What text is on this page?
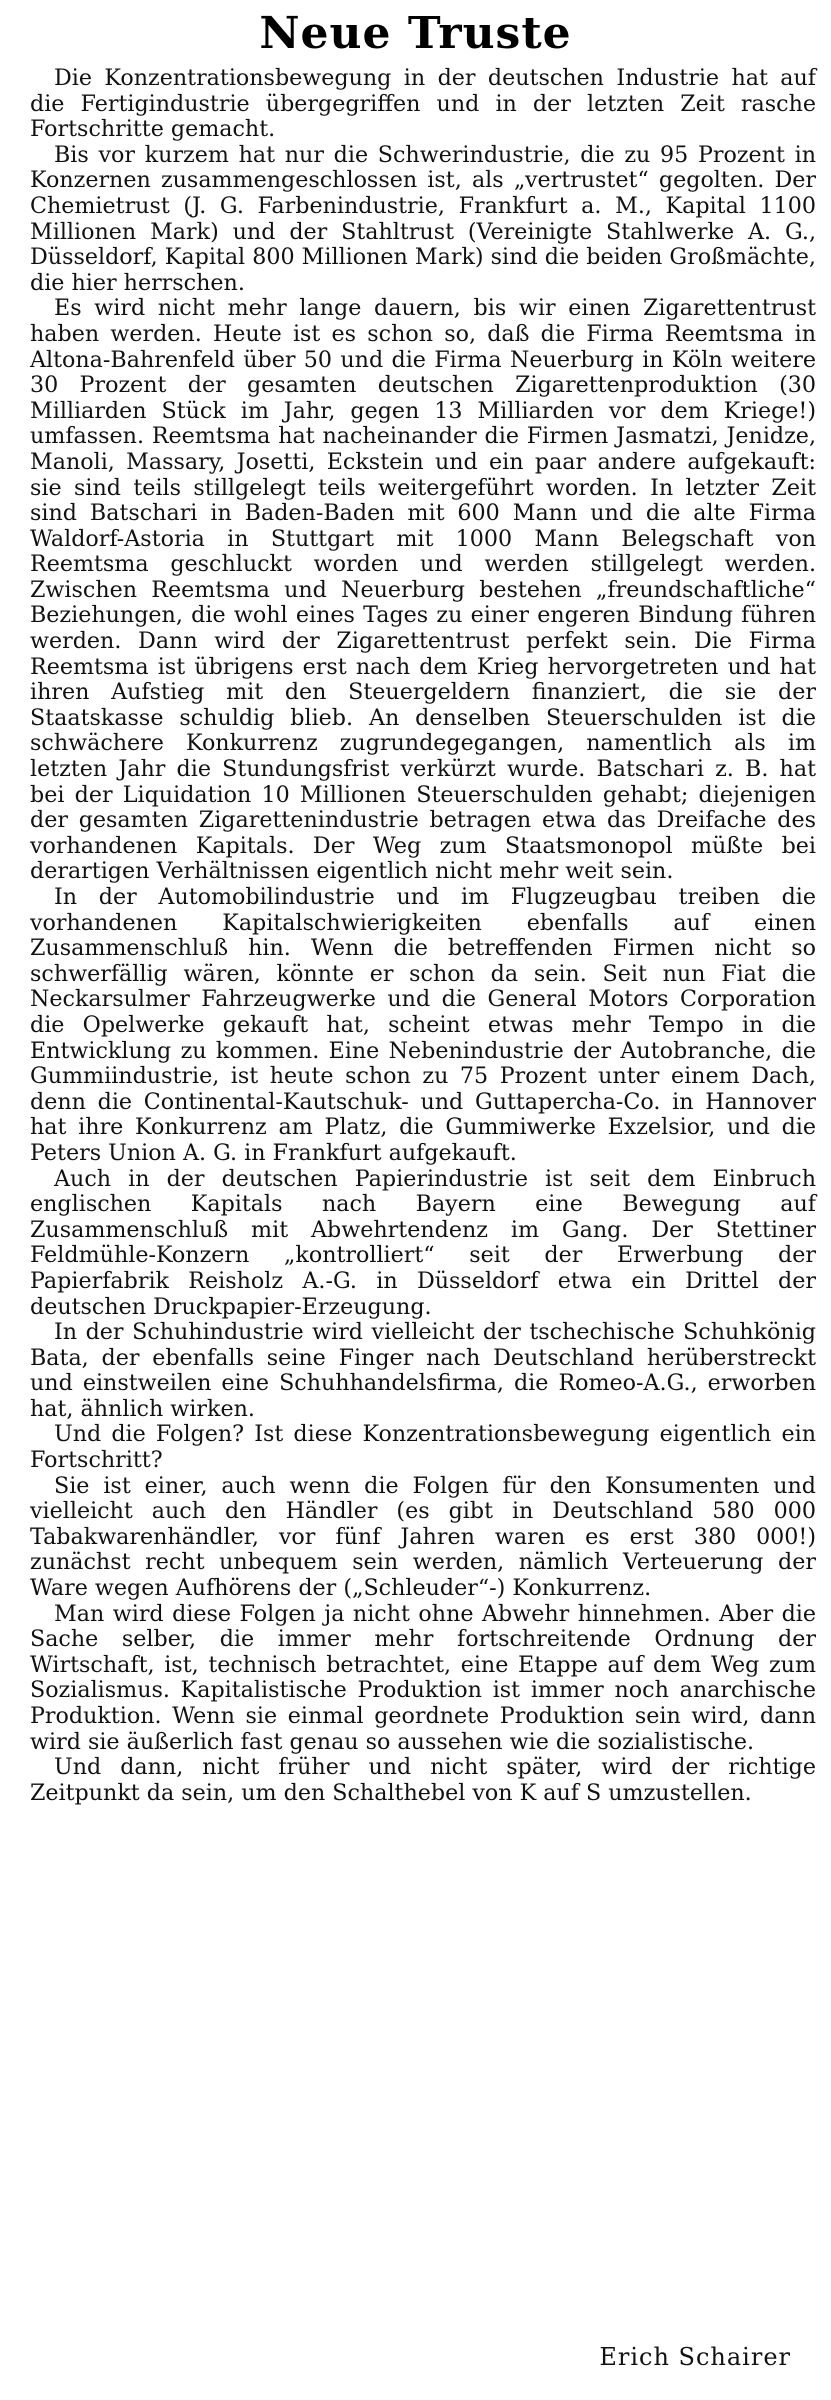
Neue Truste

Die Konzentrationsbewegung in der deutschen Industrie hat auf die Fertigindustrie übergegriffen und in der letzten Zeit rasche Fortschritte gemacht.

Bis vor kurzem hat nur die Schwerindustrie, die zu 95 Prozent in Konzernen zusammengeschlossen ist, als „vertrustet“ gegolten. Der Chemietrust (J. G. Farbenindustrie, Frankfurt a. M., Kapital 1100 Millionen Mark) und der Stahltrust (Vereinigte Stahlwerke A. G., Düsseldorf, Kapital 800 Millionen Mark) sind die beiden Großmächte, die hier herrschen.

Es wird nicht mehr lange dauern, bis wir einen Zigarettentrust haben werden. Heute ist es schon so, daß die Firma Reemtsma in Altona-Bahrenfeld über 50 und die Firma Neuerburg in Köln weitere 30 Prozent der gesamten deutschen Zigarettenproduktion (30 Milliarden Stück im Jahr, gegen 13 Milliarden vor dem Kriege!) umfassen. Reemtsma hat nacheinander die Firmen Jasmatzi, Jenidze, Manoli, Massary, Josetti, Eckstein und ein paar andere aufgekauft: sie sind teils stillgelegt teils weitergeführt worden. In letzter Zeit sind Batschari in Baden-Baden mit 600 Mann und die alte Firma Waldorf-Astoria in Stuttgart mit 1000 Mann Belegschaft von Reemtsma geschluckt worden und werden stillgelegt werden. Zwischen Reemtsma und Neuerburg bestehen „freundschaftliche“ Beziehungen, die wohl eines Tages zu einer engeren Bindung führen werden. Dann wird der Zigarettentrust perfekt sein. Die Firma Reemtsma ist übrigens erst nach dem Krieg hervorgetreten und hat ihren Aufstieg mit den Steuergeldern finanziert, die sie der Staatskasse schuldig blieb. An denselben Steuerschulden ist die schwächere Konkurrenz zugrundegegangen, namentlich als im letzten Jahr die Stundungsfrist verkürzt wurde. Batschari z. B. hat bei der Liquidation 10 Millionen Steuerschulden gehabt; diejenigen der gesamten Zigarettenindustrie betragen etwa das Dreifache des vorhandenen Kapitals. Der Weg zum Staatsmonopol müßte bei derartigen Verhältnissen eigentlich nicht mehr weit sein.

In der Automobilindustrie und im Flugzeugbau treiben die vorhandenen Kapitalschwierigkeiten ebenfalls auf einen Zusammenschluß hin. Wenn die betreffenden Firmen nicht so schwerfällig wären, könnte er schon da sein. Seit nun Fiat die Neckarsulmer Fahrzeugwerke und die General Motors Corporation die Opelwerke gekauft hat, scheint etwas mehr Tempo in die Entwicklung zu kommen. Eine Nebenindustrie der Autobranche, die Gummiindustrie, ist heute schon zu 75 Prozent unter einem Dach, denn die Continental-Kautschuk- und Guttapercha-Co. in Hannover hat ihre Konkurrenz am Platz, die Gummiwerke Exzelsior, und die Peters Union A. G. in Frankfurt aufgekauft.

Auch in der deutschen Papierindustrie ist seit dem Einbruch englischen Kapitals nach Bayern eine Bewegung auf Zusammenschluß mit Abwehrtendenz im Gang. Der Stettiner Feldmühle-Konzern „kontrolliert“ seit der Erwerbung der Papierfabrik Reisholz A.-G. in Düsseldorf etwa ein Drittel der deutschen Druckpapier-Erzeugung.

In der Schuhindustrie wird vielleicht der tschechische Schuhkönig Bata, der ebenfalls seine Finger nach Deutschland herüberstreckt und einstweilen eine Schuhhandelsfirma, die Romeo-A.G., erworben hat, ähnlich wirken.

Und die Folgen? Ist diese Konzentrationsbewegung eigentlich ein Fortschritt?

Sie ist einer, auch wenn die Folgen für den Konsumenten und vielleicht auch den Händler (es gibt in Deutschland 580 000 Tabakwarenhändler, vor fünf Jahren waren es erst 380 000!) zunächst recht unbequem sein werden, nämlich Verteuerung der Ware wegen Aufhörens der („Schleuder“-) Konkurrenz.

Man wird diese Folgen ja nicht ohne Abwehr hinnehmen. Aber die Sache selber, die immer mehr fortschreitende Ordnung der Wirtschaft, ist, technisch betrachtet, eine Etappe auf dem Weg zum Sozialismus. Kapitalistische Produktion ist immer noch anarchische Produktion. Wenn sie einmal geordnete Produktion sein wird, dann wird sie äußerlich fast genau so aussehen wie die sozialistische.

Und dann, nicht früher und nicht später, wird der richtige Zeitpunkt da sein, um den Schalthebel von K auf S umzustellen.

Erich Schairer
